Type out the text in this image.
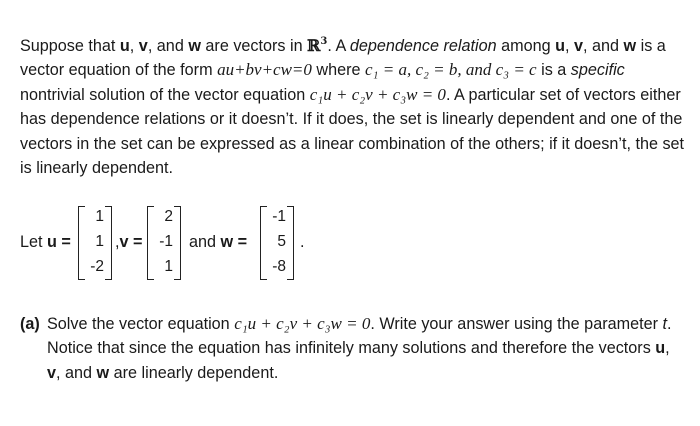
Suppose that u, v, and w are vectors in ℝ$^3$. A dependence relation among u, v, and w is a vector equation of the form au+bv+cw=0 where c₁ = a, c₂ = b, and c₃ = c is a specific nontrivial solution of the vector equation c₁u + c₂v + c₃w = 0. A particular set of vectors either has dependence relations or it doesn’t. If it does, the set is linearly dependent and one of the vectors in the set can be expressed as a linear combination of the others; if it doesn’t, the set is linearly dependent.
Let u =
1
1
-2
,v =
2
-1
1
and w =
-1
5
-8
.
(a) Solve the vector equation c₁u + c₂v + c₃w = 0. Write your answer using the parameter t. Notice that since the equation has infinitely many solutions and therefore the vectors u, v, and w are linearly dependent.
